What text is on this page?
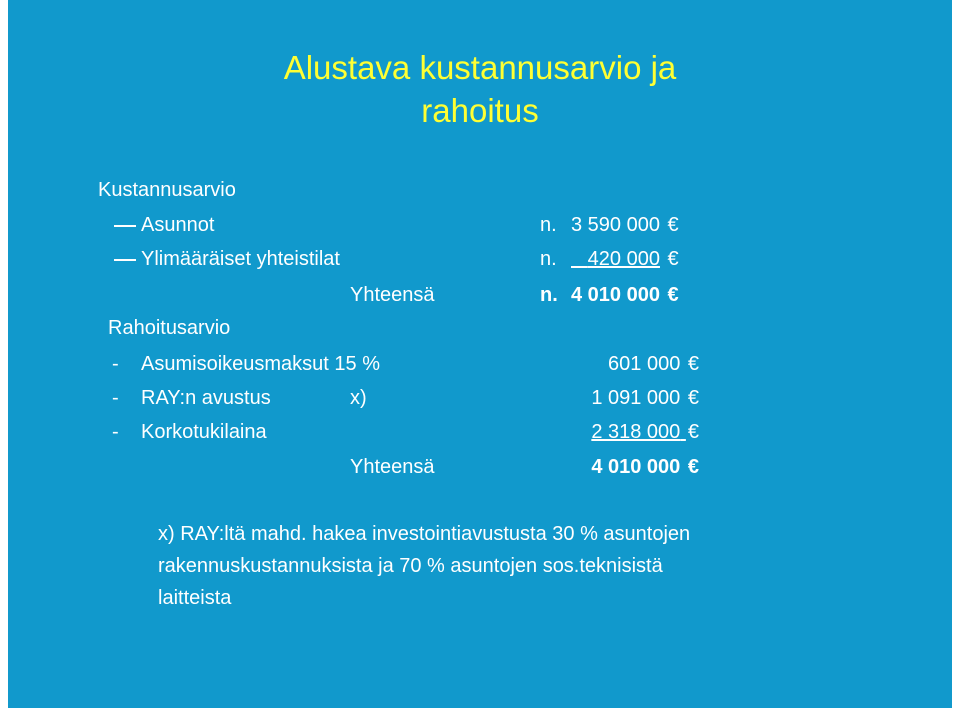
Alustava kustannusarvio ja
rahoitus
Kustannusarvio
Asunnot	n. 3 590 000 €
Ylimääräiset yhteistilat	n.	420 000 €
Yhteensä	n. 4 010 000 €
Rahoitusarvio
- Asumisoikeusmaksut 15 %	601 000 €
- RAY:n avustus	x)	1 091 000 €
- Korkotukilaina	2 318 000 €
Yhteensä	4 010 000 €
x) RAY:ltä mahd. hakea investointiavustusta 30 % asuntojen
rakennuskustannuksista ja 70 % asuntojen sos.teknisistä
laitteista
